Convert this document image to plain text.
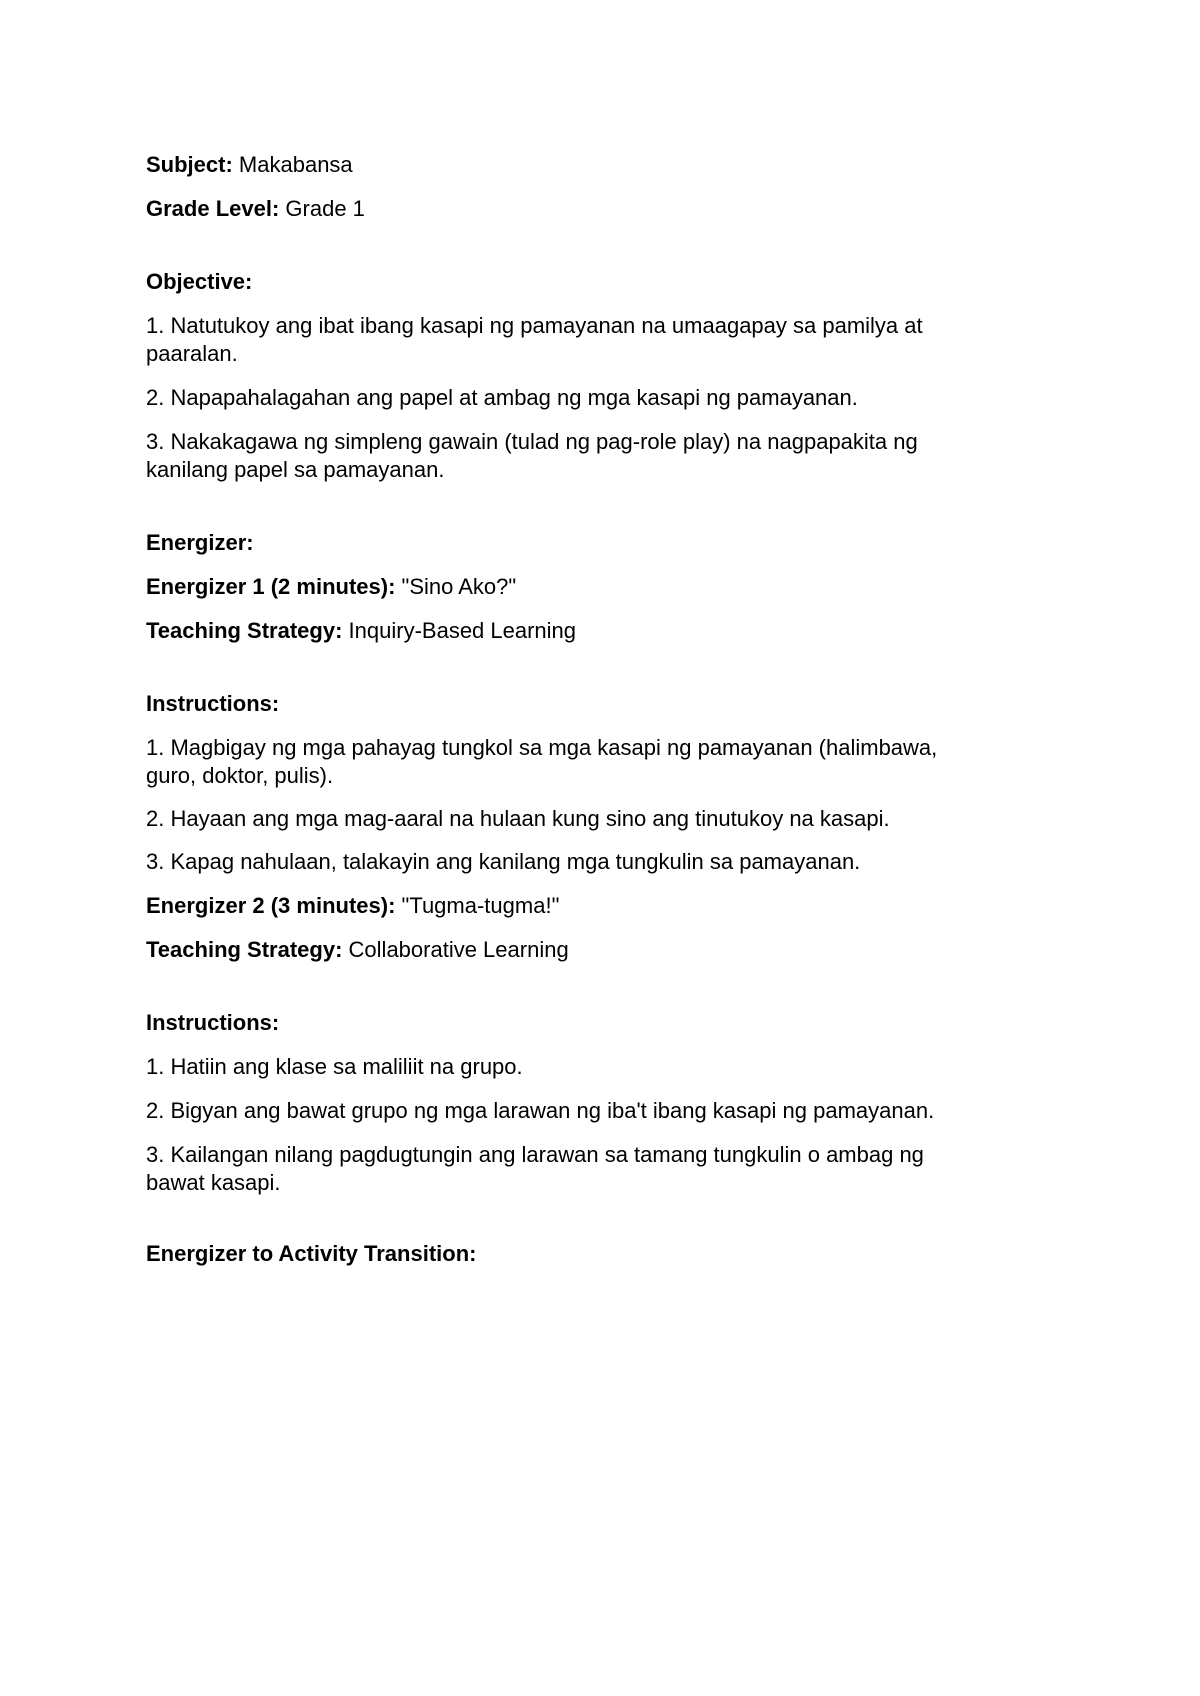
Subject: Makabansa

Grade Level: Grade 1

Objective:

1. Natutukoy ang ibat ibang kasapi ng pamayanan na umaagapay sa pamilya at

paaralan.

2. Napapahalagahan ang papel at ambag ng mga kasapi ng pamayanan.

3. Nakakagawa ng simpleng gawain (tulad ng pag-role play) na nagpapakita ng

kanilang papel sa pamayanan.

Energizer:

Energizer 1 (2 minutes): "Sino Ako?"

Teaching Strategy: Inquiry-Based Learning

Instructions:

1. Magbigay ng mga pahayag tungkol sa mga kasapi ng pamayanan (halimbawa,

guro, doktor, pulis).

2. Hayaan ang mga mag-aaral na hulaan kung sino ang tinutukoy na kasapi.

3. Kapag nahulaan, talakayin ang kanilang mga tungkulin sa pamayanan.

Energizer 2 (3 minutes): "Tugma-tugma!"

Teaching Strategy: Collaborative Learning

Instructions:

1. Hatiin ang klase sa maliliit na grupo.

2. Bigyan ang bawat grupo ng mga larawan ng iba't ibang kasapi ng pamayanan.

3. Kailangan nilang pagdugtungin ang larawan sa tamang tungkulin o ambag ng

bawat kasapi.

Energizer to Activity Transition:
